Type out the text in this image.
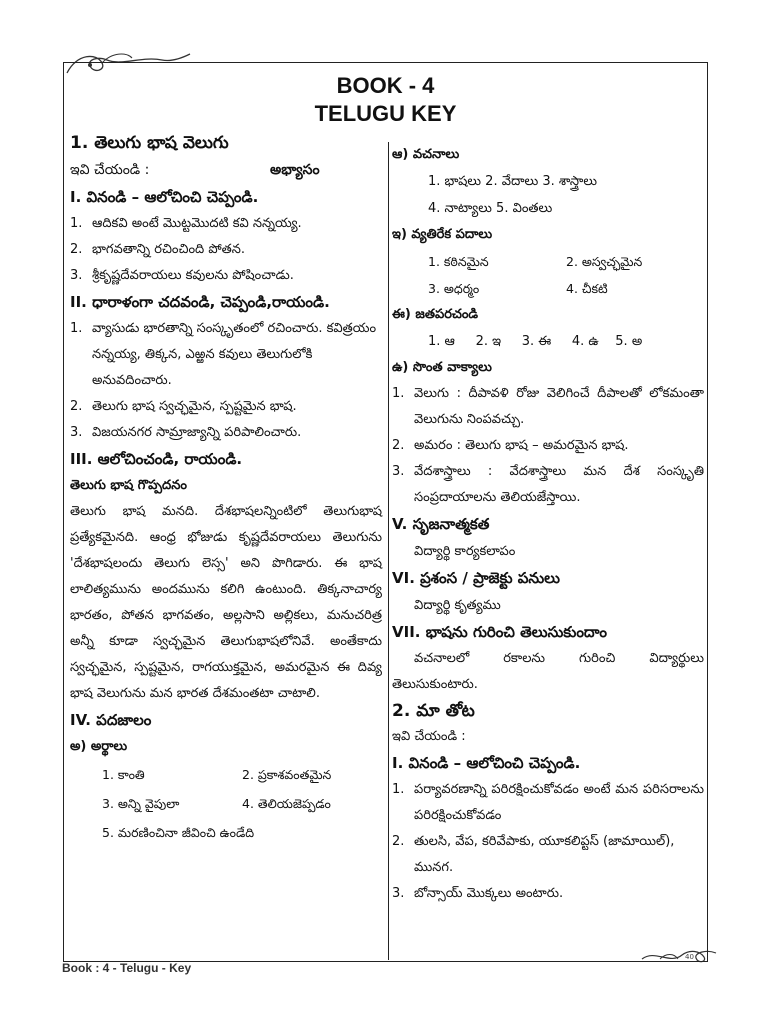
BOOK - 4
TELUGU KEY
1. తెలుగు భాష వెలుగు
ఇవి చేయండి :	అభ్యాసం
I. వినండి – ఆలోచించి చెప్పండి.
1. ఆదికవి అంటే మొట్టమొదటి కవి నన్నయ్య.
2. భాగవతాన్ని రచించింది పోతన.
3. శ్రీకృష్ణదేవరాయలు కవులను పోషించాడు.
II. ధారాళంగా చదవండి, చెప్పండి,రాయండి.
1. వ్యాసుడు భారతాన్ని సంస్కృతంలో రచించారు. కవిత్రయం నన్నయ్య, తిక్కన, ఎఱ్ఱన కవులు తెలుగులోకి అనువదించారు.
2. తెలుగు భాష స్వచ్ఛమైన, స్పష్టమైన భాష.
3. విజయనగర సామ్రాజ్యాన్ని పరిపాలించారు.
III. ఆలోచించండి, రాయండి.
తెలుగు భాష గొప్పదనం
తెలుగు భాష మనది. దేశభాషలన్నింటిలో తెలుగుభాష ప్రత్యేకమైనది. ఆంధ్ర భోజుడు కృష్ణదేవరాయలు తెలుగును 'దేశభాషలందు తెలుగు లెస్స' అని పొగిడారు. ఈ భాష లాలిత్యమును అందమును కలిగి ఉంటుంది. తిక్కనాచార్య భారతం, పోతన భాగవతం, అల్లసాని అల్లికలు, మనుచరిత్ర అన్నీ కూడా స్వచ్ఛమైన తెలుగుభాషలోనివే. అంతేకాదు స్వచ్ఛమైన, స్పష్టమైన, రాగయుక్తమైన, అమరమైన ఈ దివ్య భాష వెలుగును మన భారత దేశమంతటా చాటాలి.
IV. పదజాలం
అ) అర్థాలు
1. కాంతి	2. ప్రకాశవంతమైన
3. అన్ని వైపులా	4. తెలియజెప్పడం
5. మరణించినా జీవించి ఉండేది
ఆ) వచనాలు
1. భాషలు 2. వేదాలు 3. శాస్త్రాలు
4. నాట్యాలు 5. వింతలు
ఇ) వ్యతిరేక పదాలు
1. కఠినమైన	2. అస్వచ్ఛమైన
3. అధర్మం	4. చీకటి
ఈ) జతపరచండి
1. ఆ     2. ఇ     3. ఈ     4. ఉ    5. అ
ఉ) సొంత వాక్యాలు
1. వెలుగు : దీపావళి రోజు వెలిగించే దీపాలతో లోకమంతా వెలుగును నింపవచ్చు.
2. అమరం : తెలుగు భాష – అమరమైన భాష.
3. వేదశాస్త్రాలు : వేదశాస్త్రాలు మన దేశ సంస్కృతి సంప్రదాయాలను తెలియజేస్తాయి.
V. సృజనాత్మకత
విద్యార్థి కార్యకలాపం
VI. ప్రశంస / ప్రాజెక్టు పనులు
విద్యార్థి కృత్యము
VII. భాషను గురించి తెలుసుకుందాం
వచనాలలో రకాలను గురించి విద్యార్థులు తెలుసుకుంటారు.
2. మా తోట
ఇవి చేయండి :
I. వినండి – ఆలోచించి చెప్పండి.
1. పర్యావరణాన్ని పరిరక్షించుకోవడం అంటే మన పరిసరాలను పరిరక్షించుకోవడం
2. తులసి, వేప, కరివేపాకు, యూకలిప్టస్ (జామాయిల్), మునగ.
3. బోన్సాయ్ మొక్కలు అంటారు.
Book : 4 - Telugu - Key
40
